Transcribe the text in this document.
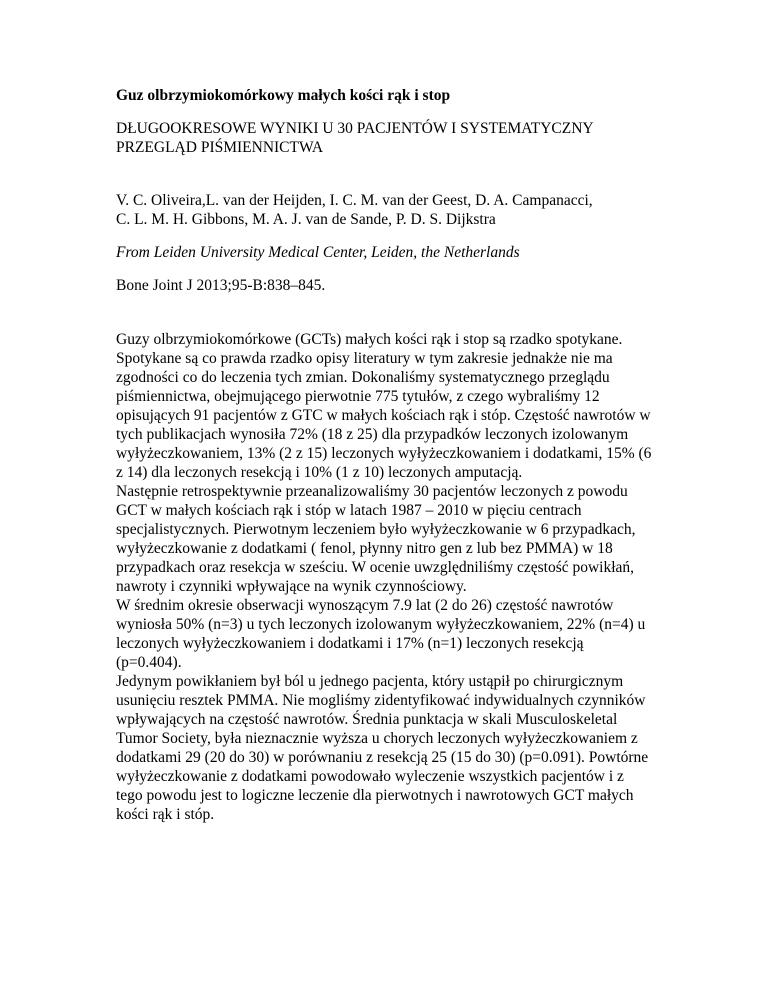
Guz olbrzymiokomórkowy małych kości rąk i stop
DŁUGOOKRESOWE WYNIKI U 30 PACJENTÓW I SYSTEMATYCZNY
PRZEGLĄD PIŚMIENNICTWA
V. C. Oliveira,L. van der Heijden, I. C. M. van der Geest, D. A. Campanacci,
C. L. M. H. Gibbons, M. A. J. van de Sande, P. D. S. Dijkstra
From Leiden University Medical Center, Leiden, the Netherlands
Bone Joint J 2013;95-B:838–845.
Guzy olbrzymiokomórkowe (GCTs) małych kości rąk i stop są rzadko spotykane.
Spotykane są co prawda rzadko opisy literatury w tym zakresie jednakże nie ma
zgodności co do leczenia tych zmian. Dokonaliśmy systematycznego przeglądu
piśmiennictwa, obejmującego pierwotnie 775 tytułów, z czego wybraliśmy 12
opisujących 91 pacjentów z GTC w małych kościach rąk i stóp. Częstość nawrotów w
tych publikacjach wynosiła 72% (18 z 25) dla przypadków leczonych izolowanym
wyłyżeczkowaniem, 13% (2 z 15) leczonych wyłyżeczkowaniem i dodatkami, 15% (6
z 14) dla leczonych resekcją i 10% (1 z 10) leczonych amputacją.
Następnie retrospektywnie przeanalizowaliśmy 30 pacjentów leczonych z powodu
GCT w małych kościach rąk i stóp w latach 1987 – 2010 w pięciu centrach
specjalistycznych. Pierwotnym leczeniem było wyłyżeczkowanie w 6 przypadkach,
wyłyżeczkowanie z dodatkami ( fenol, płynny nitro gen z lub bez PMMA) w 18
przypadkach oraz resekcja w sześciu. W ocenie uwzględniliśmy częstość powikłań,
nawroty i czynniki wpływające na wynik czynnościowy.
W średnim okresie obserwacji wynoszącym 7.9 lat (2 do 26) częstość nawrotów
wyniosła 50% (n=3) u tych leczonych izolowanym wyłyżeczkowaniem, 22% (n=4) u
leczonych wyłyżeczkowaniem i dodatkami i 17% (n=1) leczonych resekcją
(p=0.404).
Jedynym powikłaniem był ból u jednego pacjenta, który ustąpił po chirurgicznym
usunięciu resztek PMMA. Nie mogliśmy zidentyfikować indywidualnych czynników
wpływających na częstość nawrotów. Średnia punktacja w skali Musculoskeletal
Tumor Society, była nieznacznie wyższa u chorych leczonych wyłyżeczkowaniem z
dodatkami 29 (20 do 30) w porównaniu z resekcją 25 (15 do 30) (p=0.091). Powtórne
wyłyżeczkowanie z dodatkami powodowało wyleczenie wszystkich pacjentów i z
tego powodu jest to logiczne leczenie dla pierwotnych i nawrotowych GCT małych
kości rąk i stóp.
